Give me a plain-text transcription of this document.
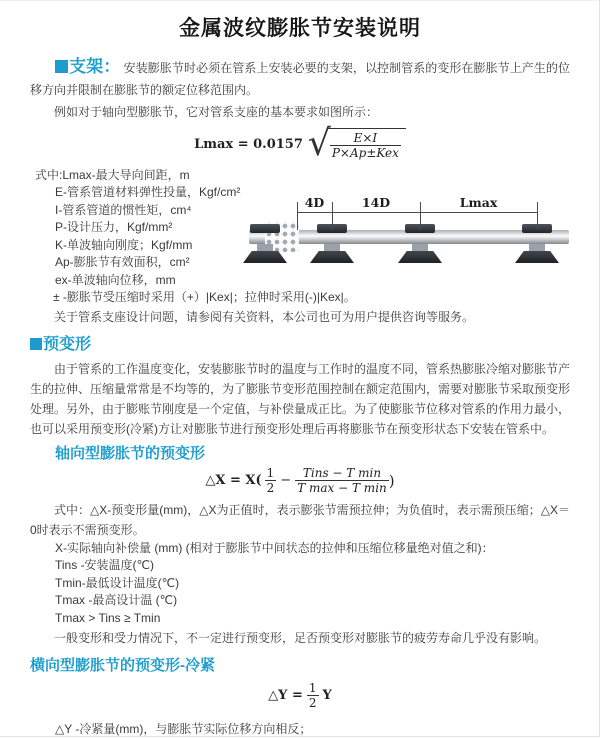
金属波纹膨胀节安装说明

支架： 安装膨胀节时必须在管系上安装必要的支架，以控制管系的变形在膨胀节上产生的位移方向并限制在膨胀节的额定位移范围内。

例如对于轴向型膨胀节，它对管系支座的基本要求如图所示：

Lmax = 0.0157 √ $\frac{E\times I}{\text{P×Ap±Kex}}$
式中:Lmax-最大导向间距，m
E-管系管道材料弹性投量，Kgf/cm²
I-管系管道的惯性矩，cm⁴
P-设计压力，Kgf/mm²
K-单波轴向刚度；Kgf/mm
Ap-膨胀节有效面积，cm²
ex-单波轴向位移，mm
± -膨胀节受压缩时采用（+）|Kex|；拉伸时采用(-)|Kex|。

关于管系支座设计问题，请参阅有关资料，本公司也可为用户提供咨询等服务。

4D	14D	Lmax
预变形

由于管系的工作温度变化，安装膨胀节时的温度与工作时的温度不同，管系热膨胀冷缩对膨胀节产生的拉伸、压缩量常常是不均等的，为了膨胀节变形范围控制在额定范围内，需要对膨胀节采取预变形处理。另外，由于膨账节刚度是一个定值，与补偿量成正比。为了使膨胀节位移对管系的作用力最小，也可以采用预变形(冷紧)方让对膨胀节进行预变形处理后再将膨胀节在预变形状态下安装在管系中。

轴向型膨胀节的预变形
△X = $X( \frac{1}{2} - \frac{\text{Tins − T min}}{\text{T max − T min}}$ )

式中：△X-预变形量(mm)，△X为正值时，表示膨张节需预拉伸；为负值时，表示需预压缩；△X＝0时表示不需预变形。

X-实际轴向补偿量 (mm) (相对于膨胀节中间状态的拉伸和压缩位移量绝对值之和)：
Tins -安装温度(℃)
Tmin-最低设计温度(℃)
Tmax -最高设计温 (℃)
Tmax > Tins ≥ Tmin

一般变形和受力情况下，不一定进行预变形，足否预变形对膨胀节的疲劳寿命几乎没有影响。

横向型膨胀节的预变形-冷紧
△Y = $\frac{1}{2}$ Y

△Y -冷紧量(mm)，与膨胀节实际位移方向相反；
